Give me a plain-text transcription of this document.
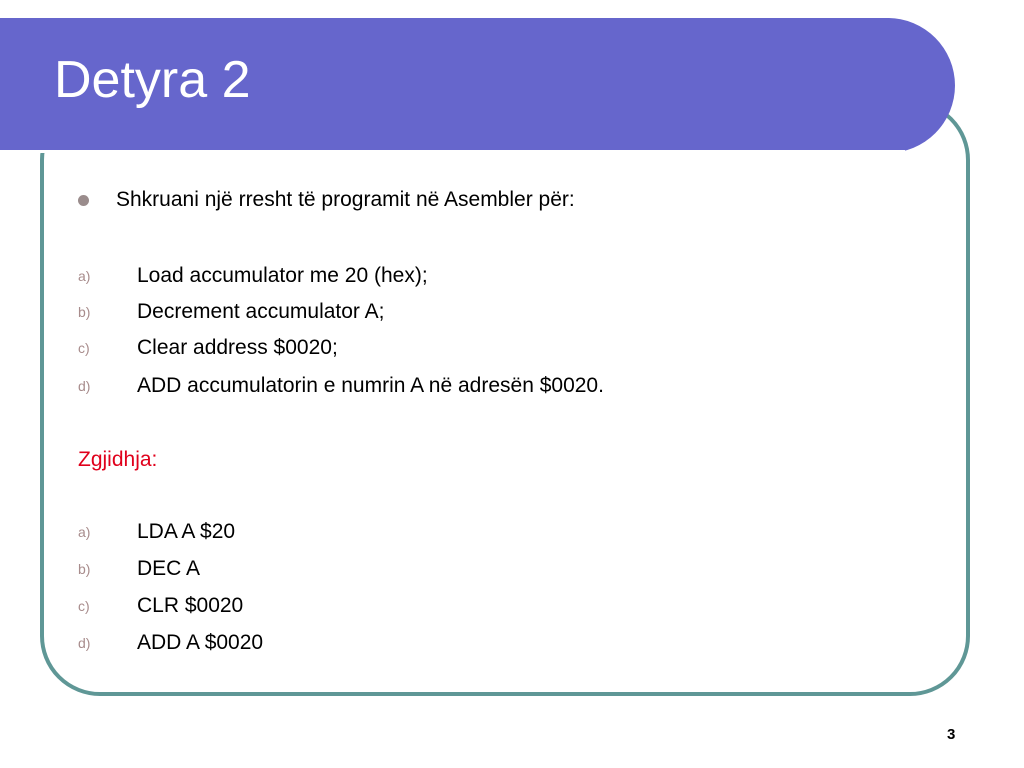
Detyra 2
Shkruani një rresht të programit në Asembler për:
a)	Load accumulator me 20 (hex);
b)	Decrement accumulator A;
c)	Clear address $0020;
d)	ADD accumulatorin e numrin A në adresën $0020.
Zgjidhja:
a)	LDA A $20
b)	DEC A
c)	CLR $0020
d)	ADD A $0020
3
